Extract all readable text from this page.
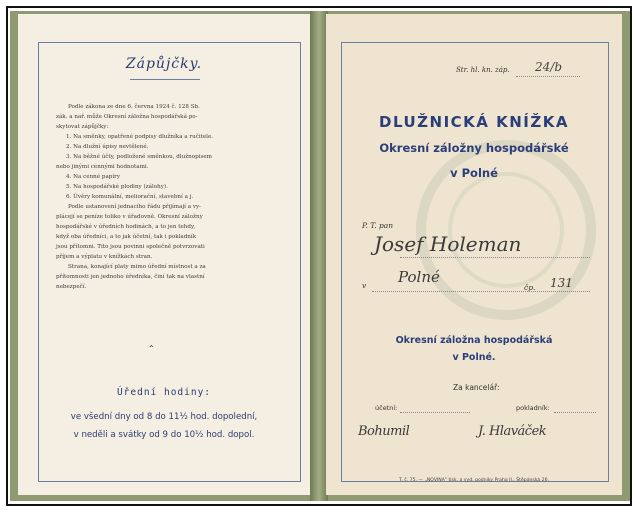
Zápůjčky.
Podle zákona ze dne 6. června 1924 č. 128 Sb.
zák. a nař. může Okresní záložna hospodářská po-
skytovat zápůjčky:
1. Na směnky, opatřené podpisy dlužníka a ručitele.
2. Na dlužní úpisy nevtělené.
3. Na běžné účty, podložené směnkou, dlužnopisem
nebo jinými cennými hodnotami.
4. Na cenné papíry
5. Na hospodářské plodiny (zálohy).
6. Úvěry komunální, meliorační, stavební a j.
Podle ustanovení jednacího řádu přijímají a vy-
plácejí se peníze toliko v úřadovně. Okresní záložny
hospodářské v úředních hodinách, a to jen tehdy,
když oba úředníci, a to jak účetní, tak i pokladník
jsou přítomni. Tito jsou povinni společně potvrzovati
příjem a výplatu v knížkách stran.
Strana, konající platy mimo úřední místnost a za
přítomnosti jen jednoho úředníka, činí tak na vlastní
nebezpečí.
⌃
Úřední hodiny:
ve všední dny od 8 do 11½ hod. dopolední,
v neděli a svátky od 9 do 10½ hod. dopol.
Str. hl. kn. záp. 24/b
DLUŽNICKÁ KNÍŽKA
Okresní záložny hospodářské
v Polné
P. T. pan
Josef Holeman
v Polné
čp. 131
Okresní záložna hospodářská
v Polné.
Za kancelář:
účetní:	pokladník:
Bohumil	J. Hlaváček
T. č. 75. — „NOVINA" tisk. a vyd. podniky Praha II., Štěpánská 26.
